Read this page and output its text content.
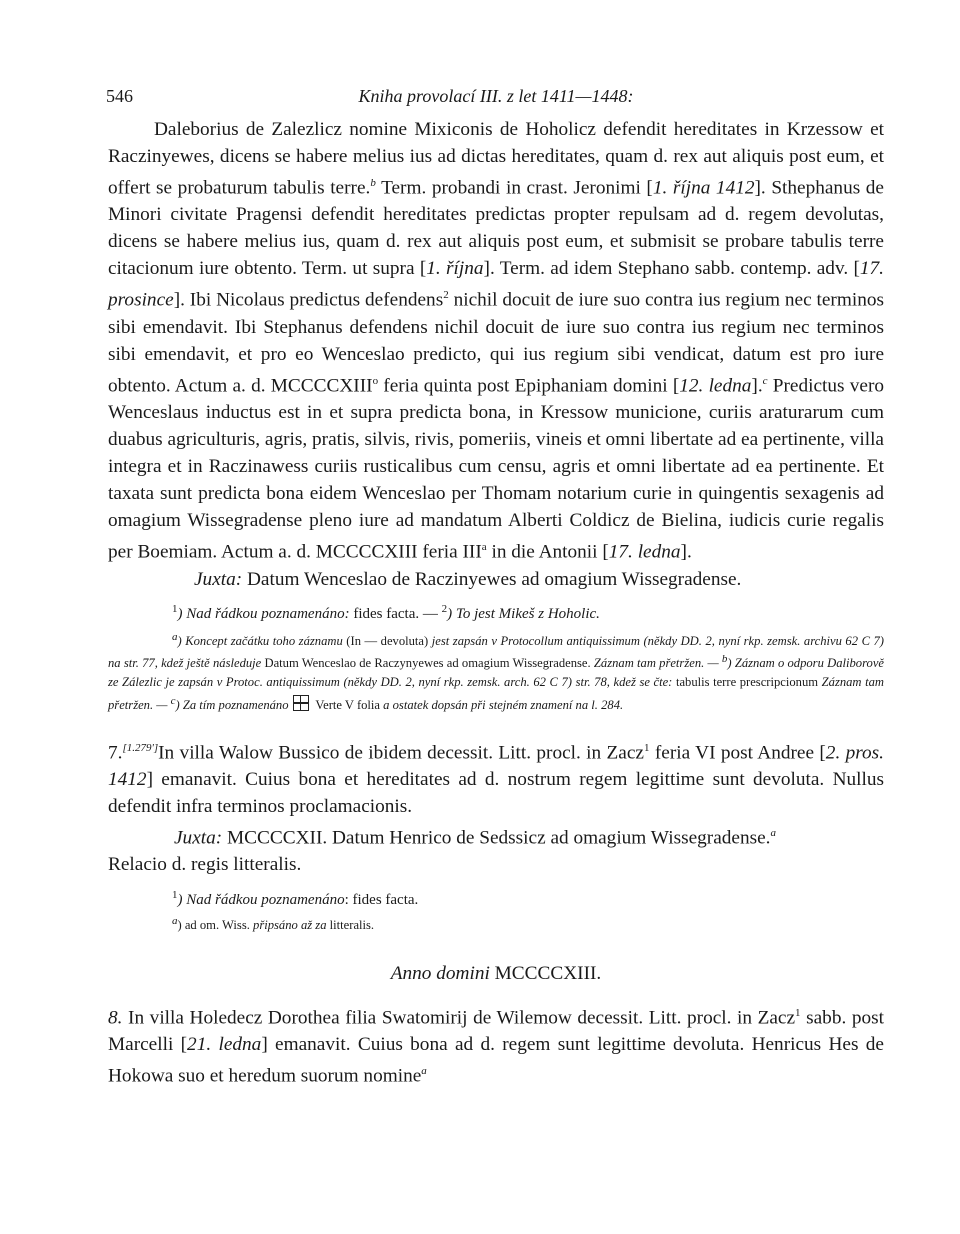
546	Kniha provolací III. z let 1411—1448:

Daleborius de Zalezlicz nomine Mixiconis de Hoholicz defendit hereditates in Krzessow et Raczinyewes, dicens se habere melius ius ad dictas hereditates, quam d. rex aut aliquis post eum, et offert se probaturum tabulis terre.$^b$ Term. probandi in crast. Jeronimi [1. října 1412]. Sthephanus de Minori civitate Pragensi defendit hereditates predictas propter repulsam ad d. regem devolutas, dicens se habere melius ius, quam d. rex aut aliquis post eum, et submisit se probare tabulis terre citacionum iure obtento. Term. ut supra [1. října]. Term. ad idem Stephano sabb. contemp. adv. [17. prosince]. Ibi Nicolaus predictus defendens$^2$ nichil docuit de iure suo contra ius regium nec terminos sibi emendavit. Ibi Stephanus defendens nichil docuit de iure suo contra ius regium nec terminos sibi emendavit, et pro eo Wenceslao predicto, qui ius regium sibi vendicat, datum est pro iure obtento. Actum a. d. MCCCCXIII$^o$ feria quinta post Epiphaniam domini [12. ledna].$^c$ Predictus vero Wenceslaus inductus est in et supra predicta bona, in Kressow municione, curiis araturarum cum duabus agriculturis, agris, pratis, silvis, rivis, pomeriis, vineis et omni libertate ad ea pertinente, villa integra et in Raczinawess curiis rusticalibus cum censu, agris et omni libertate ad ea pertinente. Et taxata sunt predicta bona eidem Wenceslao per Thomam notarium curie in quingentis sexagenis ad omagium Wissegradense pleno iure ad mandatum Alberti Coldicz de Bielina, iudicis curie regalis per Boemiam. Actum a. d. MCCCCXIII feria III$^a$ in die Antonii [17. ledna].

Juxta: Datum Wenceslao de Raczinyewes ad omagium Wissegradense.

$^1$) Nad řádkou poznamenáno: fides facta. — $^2$) To jest Mikeš z Hoholic.

a) Koncept začátku toho záznamu (In — devoluta) jest zapsán v Protocollum antiquissimum (někdy DD. 2, nyní rkp. zemsk. archivu 62 C 7) na str. 77, kdež ještě následuje Datum Wenceslao de Raczynyewes ad omagium Wissegradense. Záznam tam přetržen. — b) Záznam o odporu Daliborově ze Zálezlic je zapsán v Protoc. antiquissimum (někdy DD. 2, nyní rkp. zemsk. arch. 62 C 7) str. 78, kdež se čte: tabulis terre prescripcionum Záznam tam přetržen. — c) Za tím poznamenáno Verte V folia a ostatek dopsán při stejném znamení na l. 284.

7.[1.279']In villa Walow Bussico de ibidem decessit. Litt. procl. in Zacz$^1$ feria VI post Andree [2. pros. 1412] emanavit. Cuius bona et hereditates ad d. nostrum regem legittime sunt devoluta. Nullus defendit infra terminos proclamacionis.

Juxta: MCCCCXII. Datum Henrico de Sedssicz ad omagium Wissegradense.$^a$

Relacio d. regis litteralis.

$^1$) Nad řádkou poznamenáno: fides facta.

a) ad om. Wiss. připsáno až za litteralis.

Anno domini MCCCCXIII.

8. In villa Holedecz Dorothea filia Swatomirij de Wilemow decessit. Litt. procl. in Zacz$^1$ sabb. post Marcelli [21. ledna] emanavit. Cuius bona ad d. regem sunt legittime devoluta. Henricus Hes de Hokowa suo et heredum suorum nomine$^a$
